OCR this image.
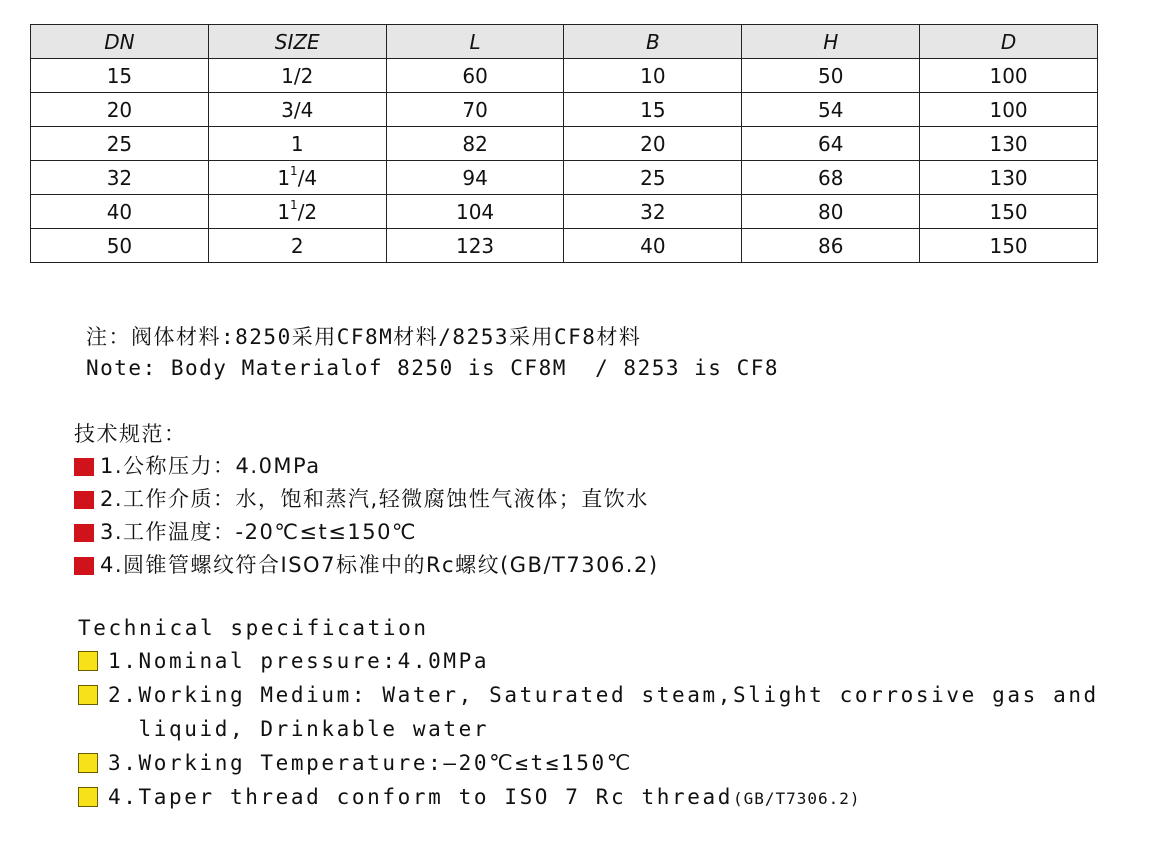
DN	SIZE	L	B	H	D
15	1/2	60	10	50	100
20	3/4	70	15	54	100
25	1	82	20	64	130
32	$1^1/4$	94	25	68	130
40	$1^1/2$	104	32	80	150
50	2	123	40	86	150
注：阀体材料:8250采用CF8M材料/8253采用CF8材料
Note: Body Materialof 8250 is CF8M  / 8253 is CF8
技术规范：
1.公称压力：4.0MPa
2.工作介质：水，饱和蒸汽,轻微腐蚀性气液体；直饮水
3.工作温度：-20℃≤t≤150℃
4.圆锥管螺纹符合ISO7标准中的Rc螺纹(GB/T7306.2)
Technical specification
1.Nominal pressure:4.0MPa
2.Working Medium: Water, Saturated steam,Slight corrosive gas and
liquid, Drinkable water
3.Working Temperature:—20℃≤t≤150℃
4.Taper thread conform to ISO 7 Rc thread(GB/T7306.2)
